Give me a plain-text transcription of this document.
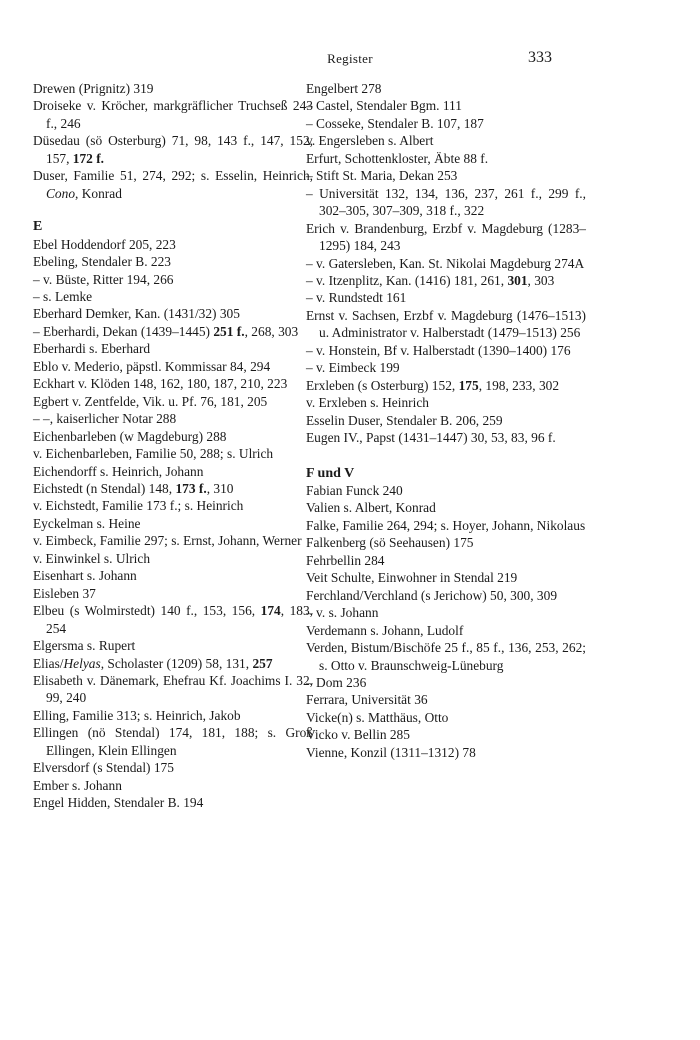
Register	333
Drewen (Prignitz) 319
Droiseke v. Kröcher, markgräflicher Truchseß 243 f., 246
Düsedau (sö Osterburg) 71, 98, 143 f., 147, 152, 157, 172 f.
Duser, Familie 51, 274, 292; s. Esselin, Heinrich, Cono, Konrad
E
Ebel Hoddendorf 205, 223
Ebeling, Stendaler B. 223
– v. Büste, Ritter 194, 266
– s. Lemke
Eberhard Demker, Kan. (1431/32) 305
– Eberhardi, Dekan (1439–1445) 251 f., 268, 303
Eberhardi s. Eberhard
Eblo v. Mederio, päpstl. Kommissar 84, 294
Eckhart v. Klöden 148, 162, 180, 187, 210, 223
Egbert v. Zentfelde, Vik. u. Pf. 76, 181, 205
– –, kaiserlicher Notar 288
Eichenbarleben (w Magdeburg) 288
v. Eichenbarleben, Familie 50, 288; s. Ulrich
Eichendorff s. Heinrich, Johann
Eichstedt (n Stendal) 148, 173 f., 310
v. Eichstedt, Familie 173 f.; s. Heinrich
Eyckelman s. Heine
v. Eimbeck, Familie 297; s. Ernst, Johann, Werner
v. Einwinkel s. Ulrich
Eisenhart s. Johann
Eisleben 37
Elbeu (s Wolmirstedt) 140 f., 153, 156, 174, 183, 254
Elgersma s. Rupert
Elias/Helyas, Scholaster (1209) 58, 131, 257
Elisabeth v. Dänemark, Ehefrau Kf. Joachims I. 32, 99, 240
Elling, Familie 313; s. Heinrich, Jakob
Ellingen (nö Stendal) 174, 181, 188; s. Groß Ellingen, Klein Ellingen
Elversdorf (s Stendal) 175
Ember s. Johann
Engel Hidden, Stendaler B. 194
Engelbert 278
– Castel, Stendaler Bgm. 111
– Cosseke, Stendaler B. 107, 187
v. Engersleben s. Albert
Erfurt, Schottenkloster, Äbte 88 f.
– Stift St. Maria, Dekan 253
– Universität 132, 134, 136, 237, 261 f., 299 f., 302–305, 307–309, 318 f., 322
Erich v. Brandenburg, Erzbf v. Magdeburg (1283–1295) 184, 243
– v. Gatersleben, Kan. St. Nikolai Magdeburg 274A
– v. Itzenplitz, Kan. (1416) 181, 261, 301, 303
– v. Rundstedt 161
Ernst v. Sachsen, Erzbf v. Magdeburg (1476–1513) u. Administrator v. Halberstadt (1479–1513) 256
– v. Honstein, Bf v. Halberstadt (1390–1400) 176
– v. Eimbeck 199
Erxleben (s Osterburg) 152, 175, 198, 233, 302
v. Erxleben s. Heinrich
Esselin Duser, Stendaler B. 206, 259
Eugen IV., Papst (1431–1447) 30, 53, 83, 96 f.
F und V
Fabian Funck 240
Valien s. Albert, Konrad
Falke, Familie 264, 294; s. Hoyer, Johann, Nikolaus
Falkenberg (sö Seehausen) 175
Fehrbellin 284
Veit Schulte, Einwohner in Stendal 219
Ferchland/Verchland (s Jerichow) 50, 300, 309
– v. s. Johann
Verdemann s. Johann, Ludolf
Verden, Bistum/Bischöfe 25 f., 85 f., 136, 253, 262; s. Otto v. Braunschweig-Lüneburg
– Dom 236
Ferrara, Universität 36
Vicke(n) s. Matthäus, Otto
Vicko v. Bellin 285
Vienne, Konzil (1311–1312) 78
